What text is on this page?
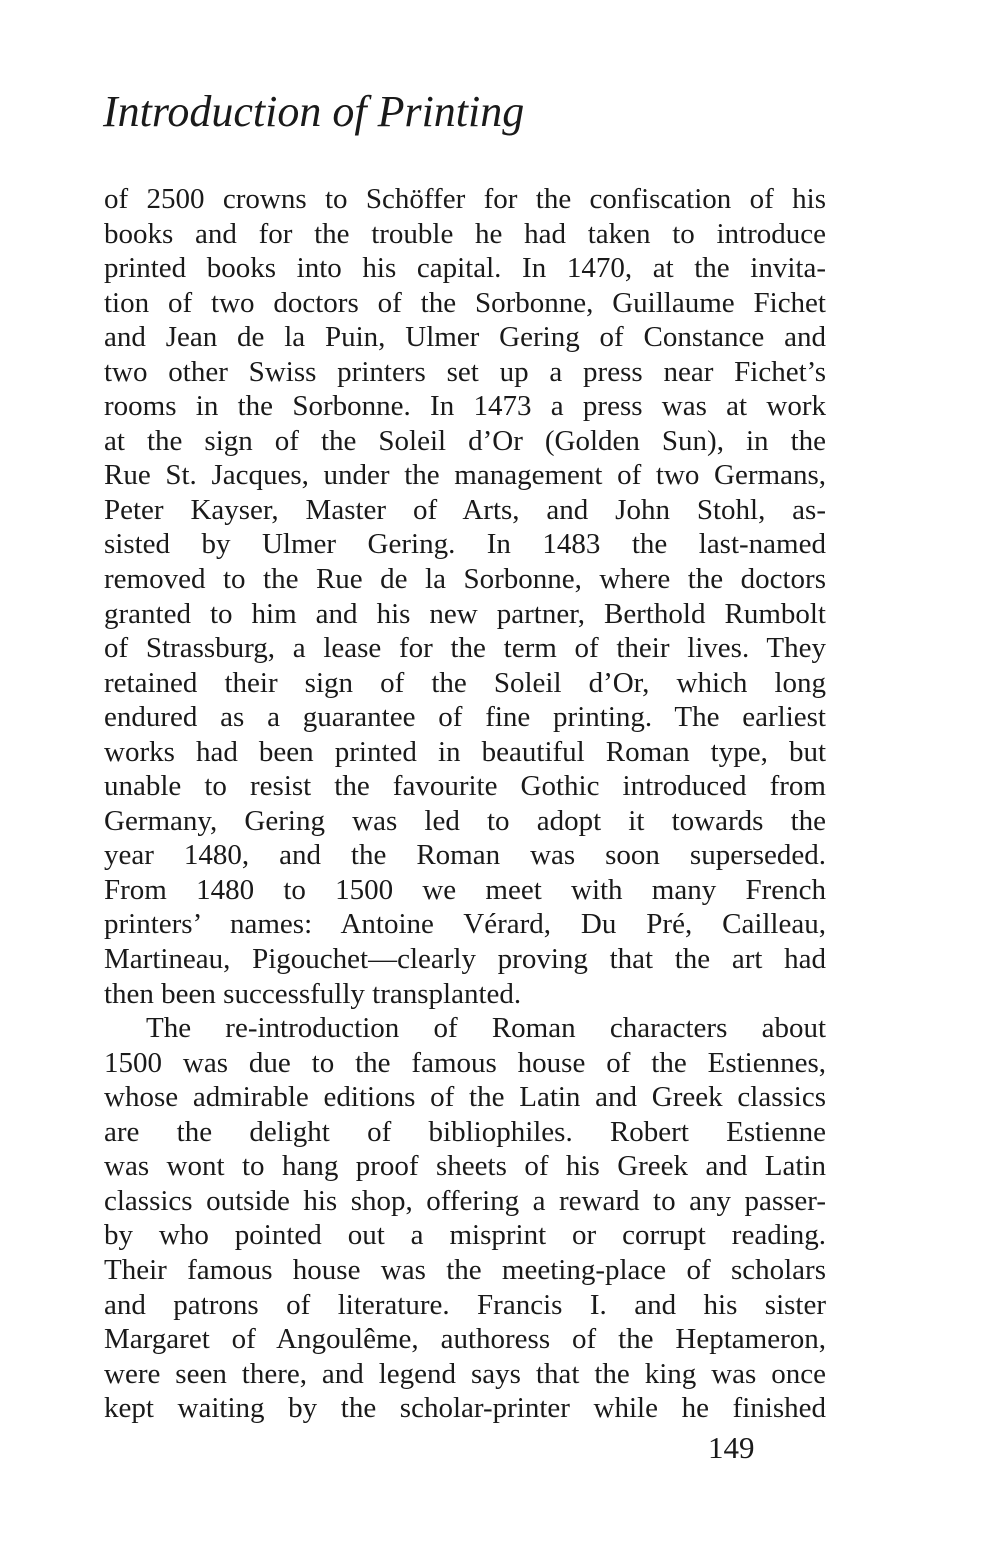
Introduction of Printing
of 2500 crowns to Schöffer for the confiscation of his
books and for the trouble he had taken to introduce
printed books into his capital. In 1470, at the invita-
tion of two doctors of the Sorbonne, Guillaume Fichet
and Jean de la Puin, Ulmer Gering of Constance and
two other Swiss printers set up a press near Fichet’s
rooms in the Sorbonne. In 1473 a press was at work
at the sign of the Soleil d’Or (Golden Sun), in the
Rue St. Jacques, under the management of two Germans,
Peter Kayser, Master of Arts, and John Stohl, as-
sisted by Ulmer Gering. In 1483 the last-named
removed to the Rue de la Sorbonne, where the doctors
granted to him and his new partner, Berthold Rumbolt
of Strassburg, a lease for the term of their lives. They
retained their sign of the Soleil d’Or, which long
endured as a guarantee of fine printing. The earliest
works had been printed in beautiful Roman type, but
unable to resist the favourite Gothic introduced from
Germany, Gering was led to adopt it towards the
year 1480, and the Roman was soon superseded.
From 1480 to 1500 we meet with many French
printers’ names: Antoine Vérard, Du Pré, Cailleau,
Martineau, Pigouchet—clearly proving that the art had
then been successfully transplanted.
The re-introduction of Roman characters about
1500 was due to the famous house of the Estiennes,
whose admirable editions of the Latin and Greek classics
are the delight of bibliophiles. Robert Estienne
was wont to hang proof sheets of his Greek and Latin
classics outside his shop, offering a reward to any passer-
by who pointed out a misprint or corrupt reading.
Their famous house was the meeting-place of scholars
and patrons of literature. Francis I. and his sister
Margaret of Angoulême, authoress of the Heptameron,
were seen there, and legend says that the king was once
kept waiting by the scholar-printer while he finished
149
